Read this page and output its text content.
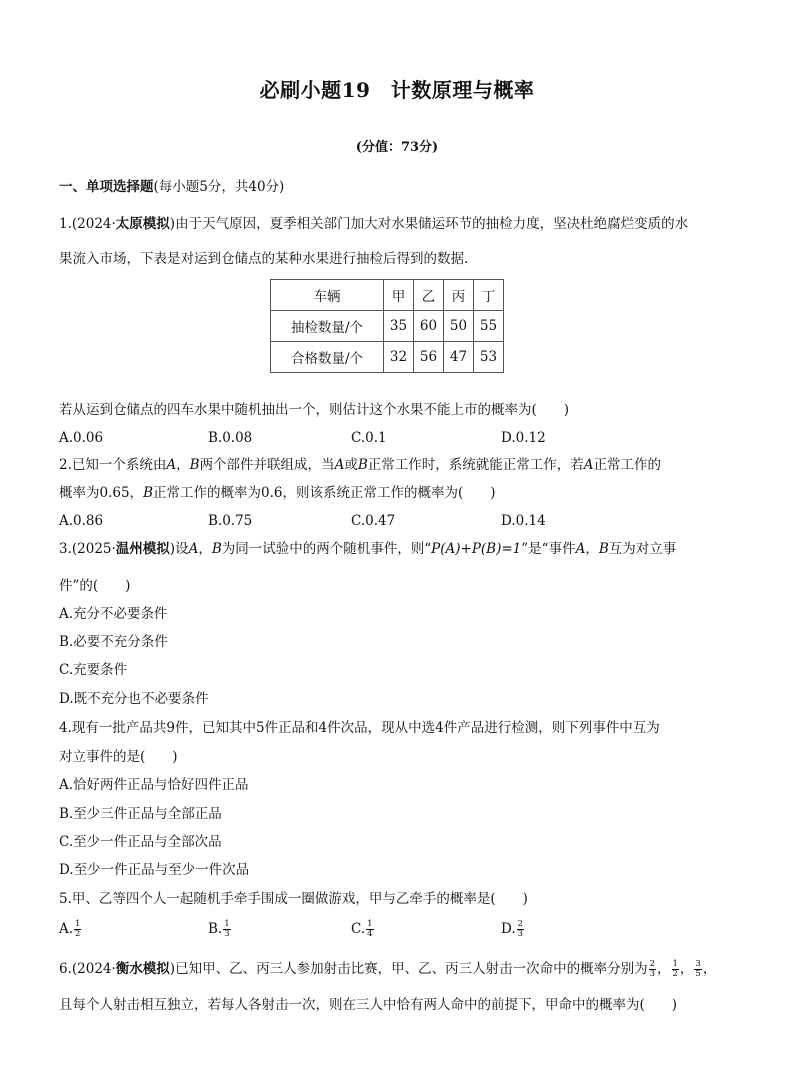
必刷小题19　计数原理与概率
(分值：73分)
一、单项选择题(每小题5分，共40分)
1.(2024·太原模拟)由于天气原因，夏季相关部门加大对水果储运环节的抽检力度，坚决杜绝腐烂变质的水
果流入市场，下表是对运到仓储点的某种水果进行抽检后得到的数据.
车辆	甲	乙	丙	丁
抽检数量/个	35	60	50	55
合格数量/个	32	56	47	53
若从运到仓储点的四车水果中随机抽出一个，则估计这个水果不能上市的概率为(　　)
A.0.06	B.0.08	C.0.1	D.0.12
2.已知一个系统由A，B两个部件并联组成，当A或B正常工作时，系统就能正常工作，若A正常工作的
概率为0.65，B正常工作的概率为0.6，则该系统正常工作的概率为(　　)
A.0.86	B.0.75	C.0.47	D.0.14
3.(2025·温州模拟)设A，B为同一试验中的两个随机事件，则“P(A)+P(B)=1”是“事件A，B互为对立事
件”的(　　)
A.充分不必要条件
B.必要不充分条件
C.充要条件
D.既不充分也不必要条件
4.现有一批产品共9件，已知其中5件正品和4件次品，现从中选4件产品进行检测，则下列事件中互为
对立事件的是(　　)
A.恰好两件正品与恰好四件正品
B.至少三件正品与全部正品
C.至少一件正品与全部次品
D.至少一件正品与至少一件次品
5.甲、乙等四个人一起随机手牵手围成一圈做游戏，甲与乙牵手的概率是(　　)
A. $\frac{1}{2}$	B. $\frac{1}{3}$	C. $\frac{1}{4}$	D. $\frac{2}{3}$
6.(2024·衡水模拟)已知甲、乙、丙三人参加射击比赛，甲、乙、丙三人射击一次命中的概率分别为 $\frac{2}{3}$ ， $\frac{1}{2}$ ， $\frac{3}{5}$ ，
且每个人射击相互独立，若每人各射击一次，则在三人中恰有两人命中的前提下，甲命中的概率为(　　)
